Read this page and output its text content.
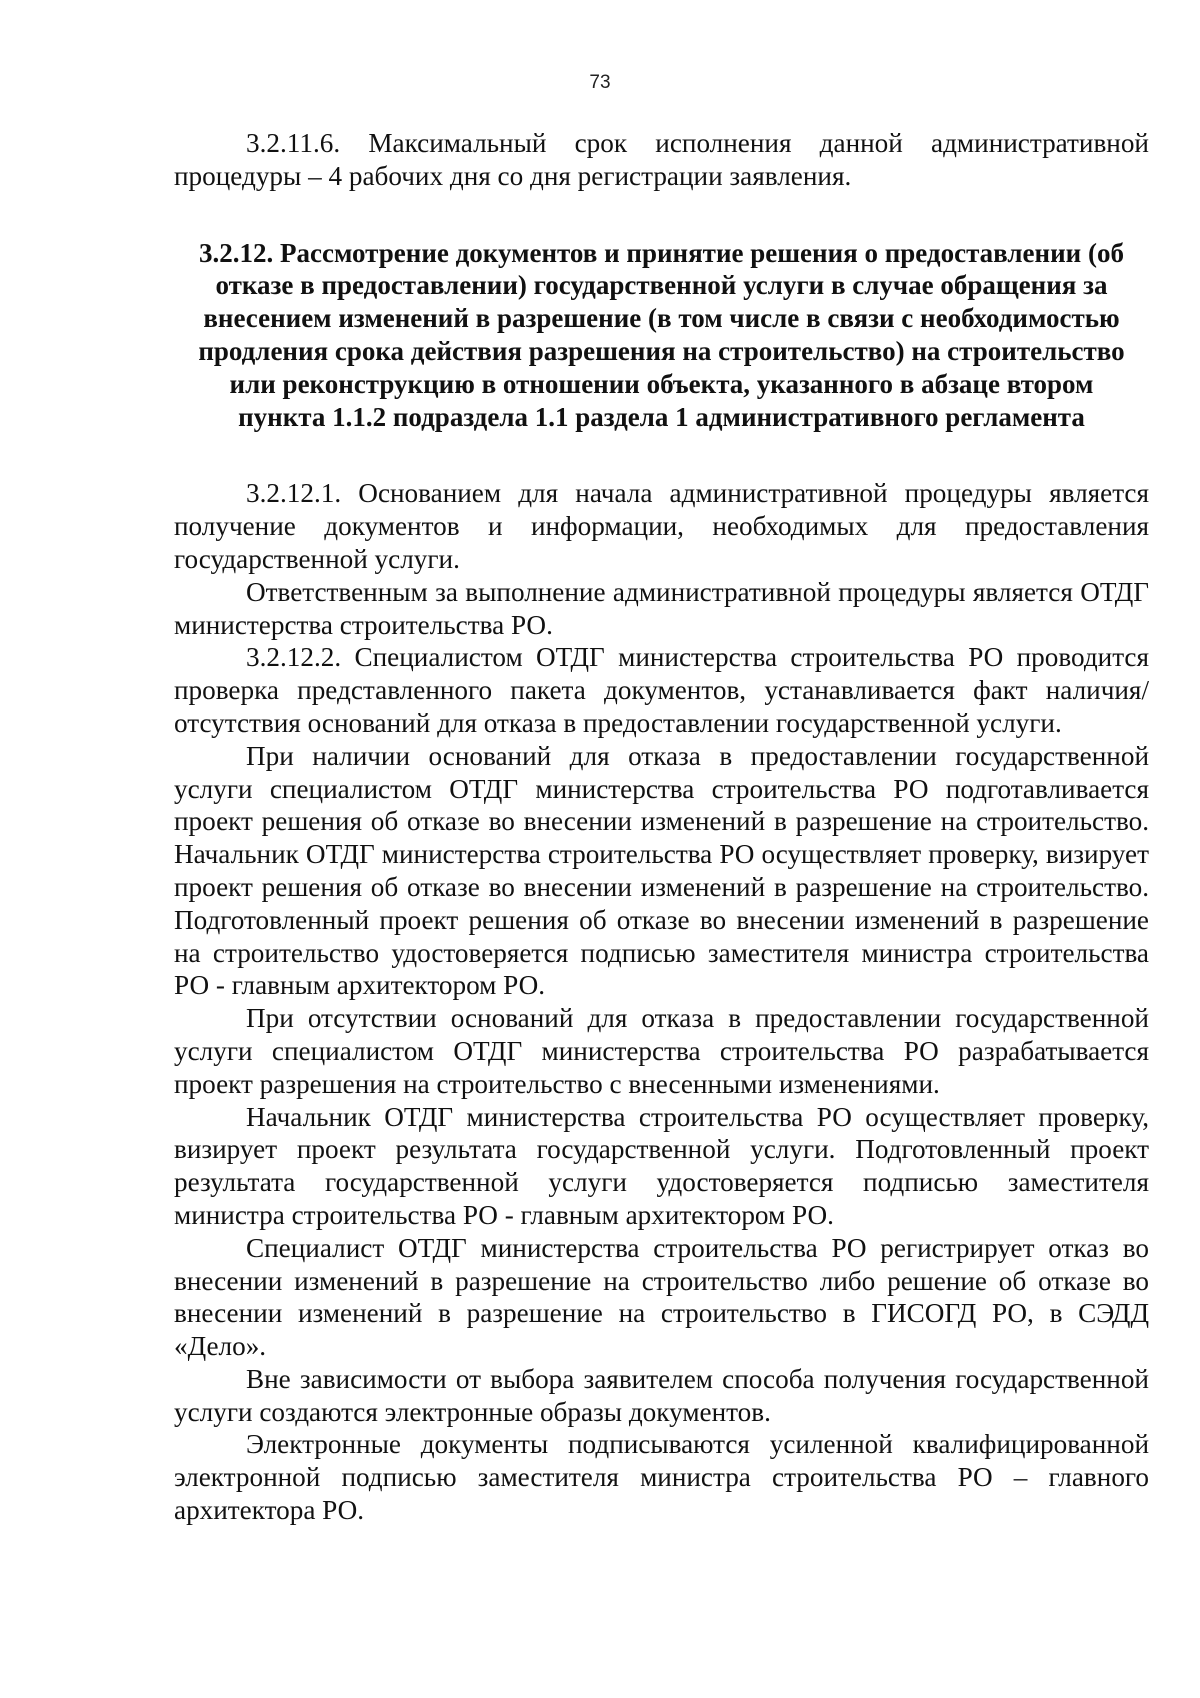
73

3.2.11.6. Максимальный срок исполнения данной административной процедуры – 4 рабочих дня со дня регистрации заявления.

3.2.12. Рассмотрение документов и принятие решения о предоставлении (об отказе в предоставлении) государственной услуги в случае обращения за внесением изменений в разрешение (в том числе в связи с необходимостью продления срока действия разрешения на строительство) на строительство или реконструкцию в отношении объекта, указанного в абзаце втором пункта 1.1.2 подраздела 1.1 раздела 1 административного регламента

3.2.12.1. Основанием для начала административной процедуры является получение документов и информации, необходимых для предоставления государственной услуги.

Ответственным за выполнение административной процедуры является ОТДГ министерства строительства РО.

3.2.12.2. Специалистом ОТДГ министерства строительства РО проводится проверка представленного пакета документов, устанавливается факт наличия/отсутствия оснований для отказа в предоставлении государственной услуги.

При наличии оснований для отказа в предоставлении государственной услуги специалистом ОТДГ министерства строительства РО подготавливается проект решения об отказе во внесении изменений в разрешение на строительство. Начальник ОТДГ министерства строительства РО осуществляет проверку, визирует проект решения об отказе во внесении изменений в разрешение на строительство. Подготовленный проект решения об отказе во внесении изменений в разрешение на строительство удостоверяется подписью заместителя министра строительства РО - главным архитектором РО.

При отсутствии оснований для отказа в предоставлении государственной услуги специалистом ОТДГ министерства строительства РО разрабатывается проект разрешения на строительство с внесенными изменениями.

Начальник ОТДГ министерства строительства РО осуществляет проверку, визирует проект результата государственной услуги. Подготовленный проект результата государственной услуги удостоверяется подписью заместителя министра строительства РО - главным архитектором РО.

Специалист ОТДГ министерства строительства РО регистрирует отказ во внесении изменений в разрешение на строительство либо решение об отказе во внесении изменений в разрешение на строительство в ГИСОГД РО, в СЭДД «Дело».

Вне зависимости от выбора заявителем способа получения государственной услуги создаются электронные образы документов.

Электронные документы подписываются усиленной квалифицированной электронной подписью заместителя министра строительства РО – главного архитектора РО.
